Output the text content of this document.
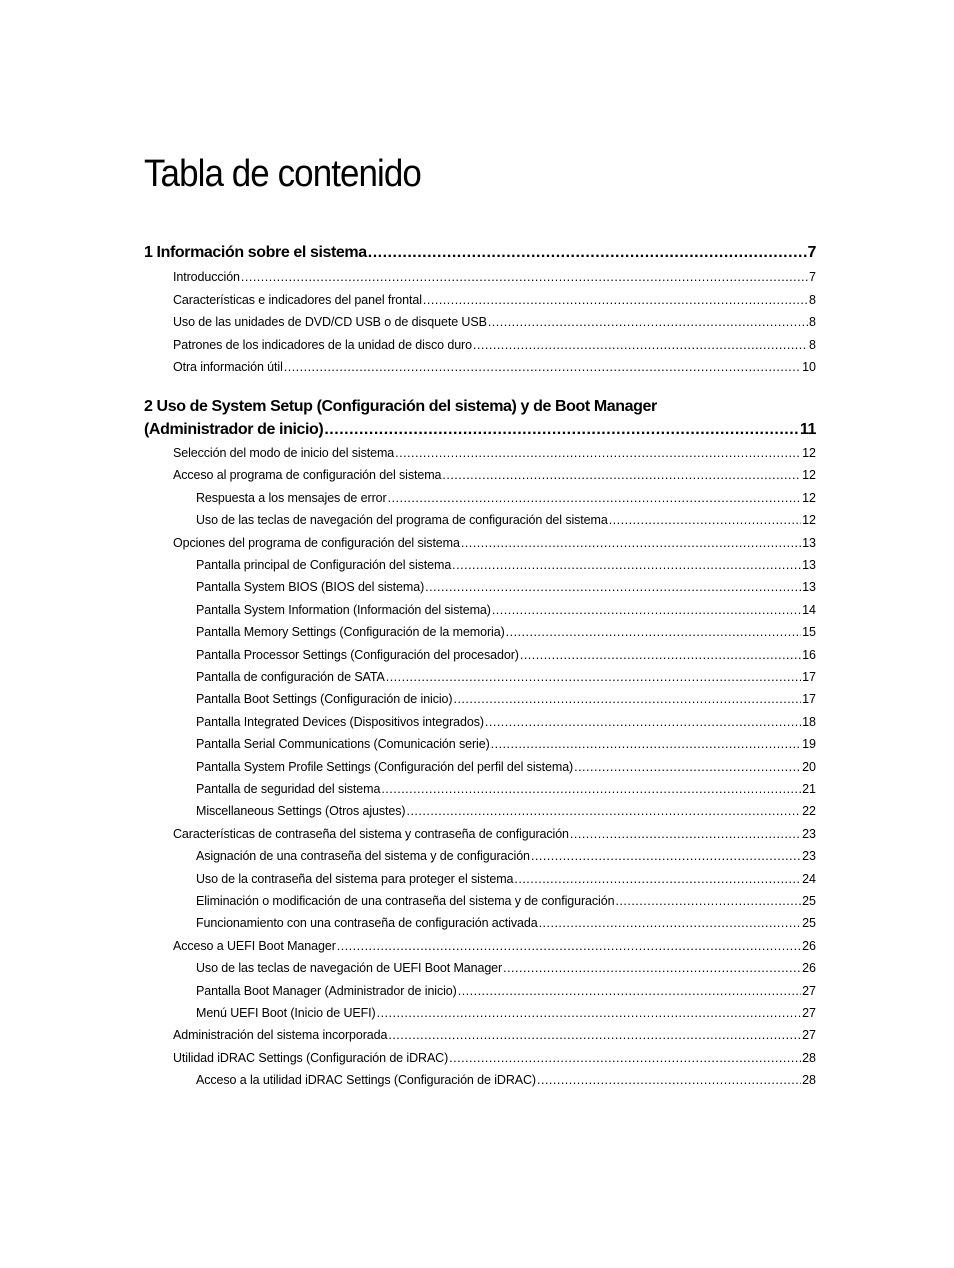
Tabla de contenido
1 Información sobre el sistema .....	7
Introducción .....	7
Características e indicadores del panel frontal .....	8
Uso de las unidades de DVD/CD USB o de disquete USB .....	8
Patrones de los indicadores de la unidad de disco duro .....	8
Otra información útil .....	10
2 Uso de System Setup (Configuración del sistema) y de Boot Manager
(Administrador de inicio) .....	11
Selección del modo de inicio del sistema .....	12
Acceso al programa de configuración del sistema .....	12
Respuesta a los mensajes de error .....	12
Uso de las teclas de navegación del programa de configuración del sistema .....	12
Opciones del programa de configuración del sistema .....	13
Pantalla principal de Configuración del sistema .....	13
Pantalla System BIOS (BIOS del sistema) .....	13
Pantalla System Information (Información del sistema) .....	14
Pantalla Memory Settings (Configuración de la memoria) .....	15
Pantalla Processor Settings (Configuración del procesador) .....	16
Pantalla de configuración de SATA .....	17
Pantalla Boot Settings (Configuración de inicio) .....	17
Pantalla Integrated Devices (Dispositivos integrados) .....	18
Pantalla Serial Communications (Comunicación serie) .....	19
Pantalla System Profile Settings (Configuración del perfil del sistema) .....	20
Pantalla de seguridad del sistema .....	21
Miscellaneous Settings (Otros ajustes) .....	22
Características de contraseña del sistema y contraseña de configuración .....	23
Asignación de una contraseña del sistema y de configuración .....	23
Uso de la contraseña del sistema para proteger el sistema .....	24
Eliminación o modificación de una contraseña del sistema y de configuración .....	25
Funcionamiento con una contraseña de configuración activada .....	25
Acceso a UEFI Boot Manager .....	26
Uso de las teclas de navegación de UEFI Boot Manager .....	26
Pantalla Boot Manager (Administrador de inicio) .....	27
Menú UEFI Boot (Inicio de UEFI) .....	27
Administración del sistema incorporada .....	27
Utilidad iDRAC Settings (Configuración de iDRAC) .....	28
Acceso a la utilidad iDRAC Settings (Configuración de iDRAC) .....	28
